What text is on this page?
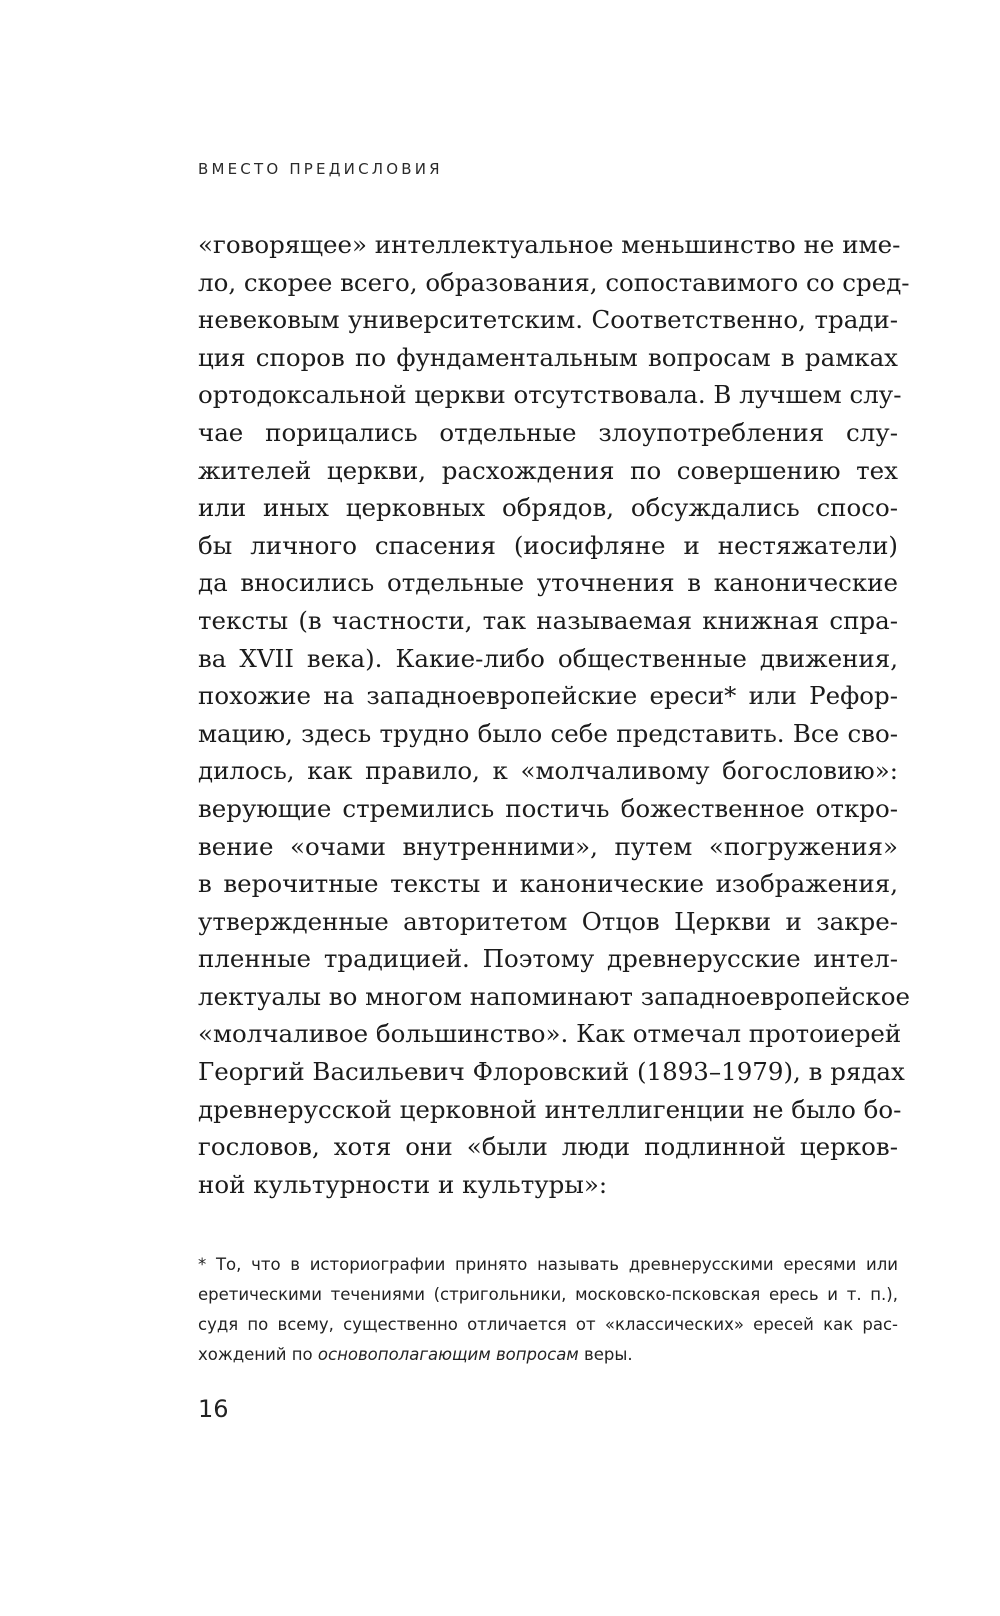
ВМЕСТО ПРЕДИСЛОВИЯ
«говорящее» интеллектуальное меньшинство не име-
ло, скорее всего, образования, сопоставимого со сред-
невековым университетским. Соответственно, тради-
ция споров по фундаментальным вопросам в рамках
ортодоксальной церкви отсутствовала. В лучшем слу-
чае порицались отдельные злоупотребления слу-
жителей церкви, расхождения по совершению тех
или иных церковных обрядов, обсуждались спосо-
бы личного спасения (иосифляне и нестяжатели)
да вносились отдельные уточнения в канонические
тексты (в частности, так называемая книжная спра-
ва XVII века). Какие-либо общественные движения,
похожие на западноевропейские ереси* или Рефор-
мацию, здесь трудно было себе представить. Все сво-
дилось, как правило, к «молчаливому богословию»:
верующие стремились постичь божественное откро-
вение «очами внутренними», путем «погружения»
в верочитные тексты и канонические изображения,
утвержденные авторитетом Отцов Церкви и закре-
пленные традицией. Поэтому древнерусские интел-
лектуалы во многом напоминают западноевропейское
«молчаливое большинство». Как отмечал протоиерей
Георгий Васильевич Флоровский (1893–1979), в рядах
древнерусской церковной интеллигенции не было бо-
гословов, хотя они «были люди подлинной церков-
ной культурности и культуры»:
* То, что в историографии принято называть древнерусскими ересями или
еретическими течениями (стригольники, московско-псковская ересь и т. п.),
судя по всему, существенно отличается от «классических» ересей как рас-
хождений по основополагающим вопросам веры.
16
